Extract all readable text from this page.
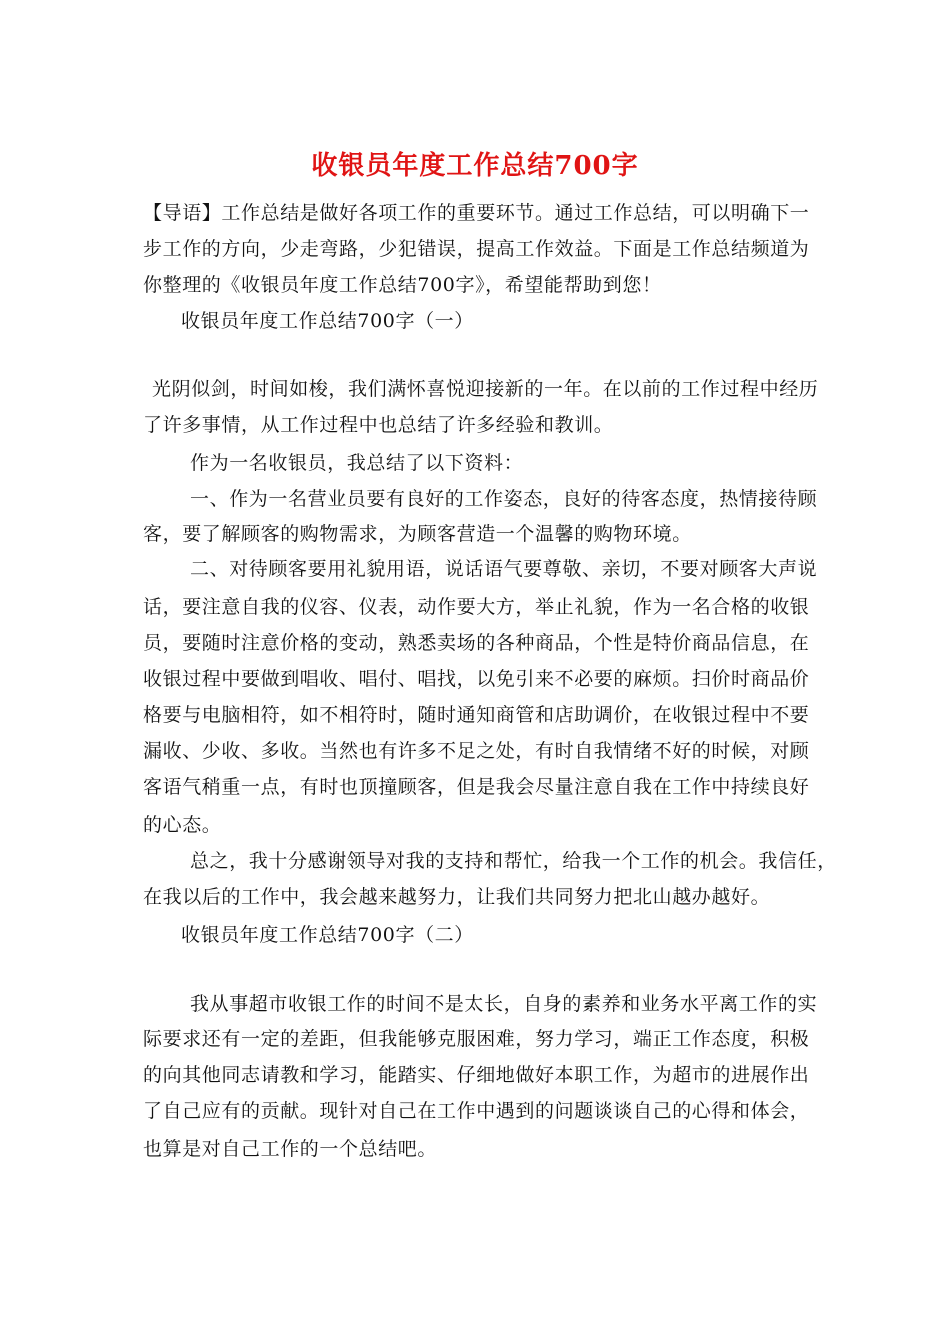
收银员年度工作总结700字
【导语】工作总结是做好各项工作的重要环节。通过工作总结，可以明确下一
步工作的方向，少走弯路，少犯错误，提高工作效益。下面是工作总结频道为
你整理的《收银员年度工作总结700字》，希望能帮助到您！
收银员年度工作总结700字（一）
光阴似剑，时间如梭，我们满怀喜悦迎接新的一年。在以前的工作过程中经历
了许多事情，从工作过程中也总结了许多经验和教训。
作为一名收银员，我总结了以下资料：
一、作为一名营业员要有良好的工作姿态，良好的待客态度，热情接待顾
客，要了解顾客的购物需求，为顾客营造一个温馨的购物环境。
二、对待顾客要用礼貌用语，说话语气要尊敬、亲切，不要对顾客大声说
话，要注意自我的仪容、仪表，动作要大方，举止礼貌，作为一名合格的收银
员，要随时注意价格的变动，熟悉卖场的各种商品，个性是特价商品信息，在
收银过程中要做到唱收、唱付、唱找，以免引来不必要的麻烦。扫价时商品价
格要与电脑相符，如不相符时，随时通知商管和店助调价，在收银过程中不要
漏收、少收、多收。当然也有许多不足之处，有时自我情绪不好的时候，对顾
客语气稍重一点，有时也顶撞顾客，但是我会尽量注意自我在工作中持续良好
的心态。
总之，我十分感谢领导对我的支持和帮忙，给我一个工作的机会。我信任，
在我以后的工作中，我会越来越努力，让我们共同努力把北山越办越好。
收银员年度工作总结700字（二）
我从事超市收银工作的时间不是太长，自身的素养和业务水平离工作的实
际要求还有一定的差距，但我能够克服困难，努力学习，端正工作态度，积极
的向其他同志请教和学习，能踏实、仔细地做好本职工作，为超市的进展作出
了自己应有的贡献。现针对自己在工作中遇到的问题谈谈自己的心得和体会，
也算是对自己工作的一个总结吧。
